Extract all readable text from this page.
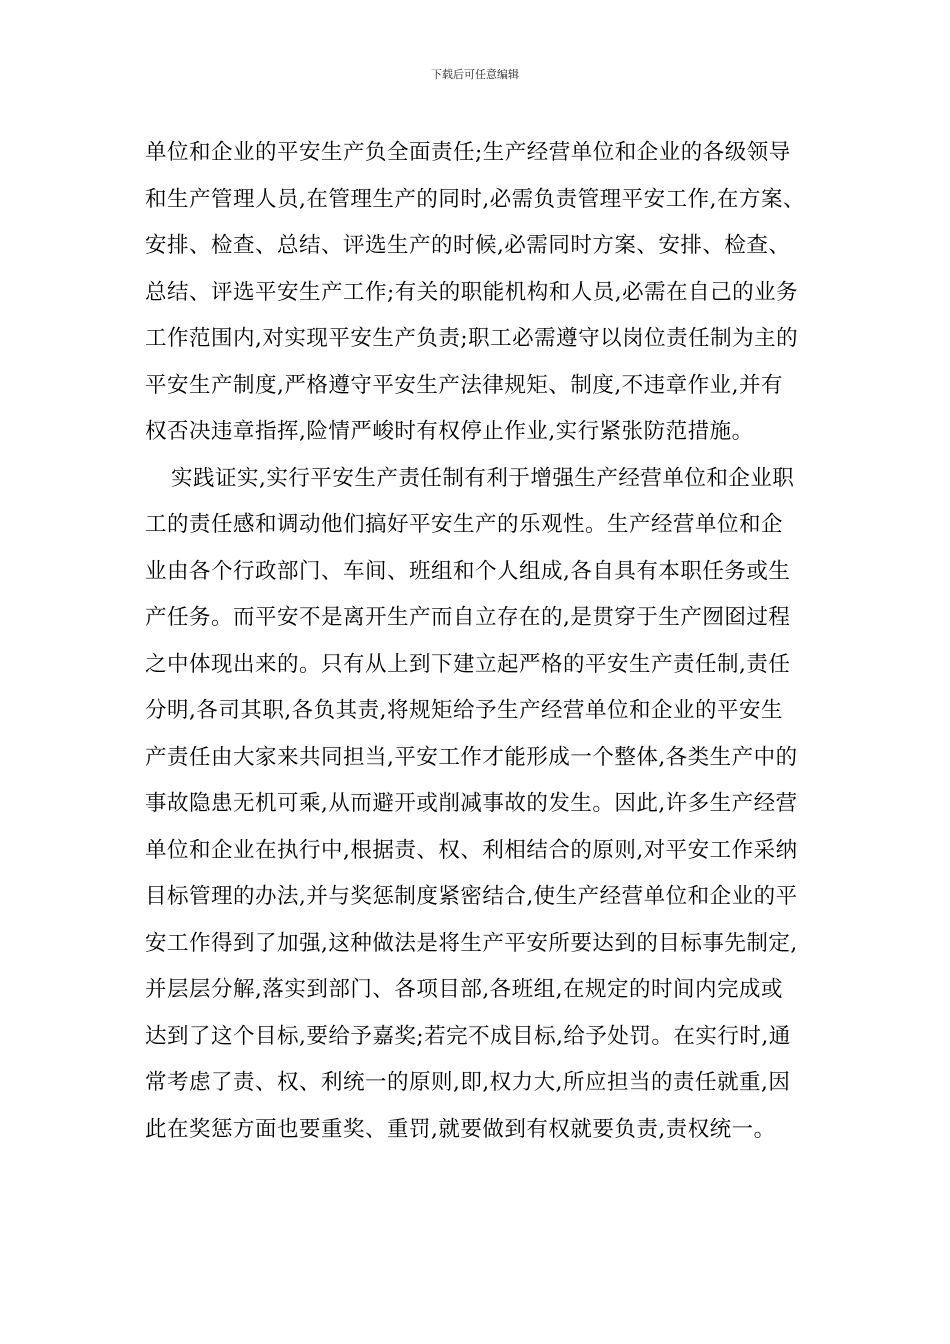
下载后可任意编辑
单位和企业的平安生产负全面责任;生产经营单位和企业的各级领导
和生产管理人员,在管理生产的同时,必需负责管理平安工作,在方案、
安排、检查、总结、评选生产的时候,必需同时方案、安排、检查、
总结、评选平安生产工作;有关的职能机构和人员,必需在自己的业务
工作范围内,对实现平安生产负责;职工必需遵守以岗位责任制为主的
平安生产制度,严格遵守平安生产法律规矩、制度,不违章作业,并有
权否决违章指挥,险情严峻时有权停止作业,实行紧张防范措施。
实践证实,实行平安生产责任制有利于增强生产经营单位和企业职
工的责任感和调动他们搞好平安生产的乐观性。生产经营单位和企
业由各个行政部门、车间、班组和个人组成,各自具有本职任务或生
产任务。而平安不是离开生产而自立存在的,是贯穿于生产囫囵过程
之中体现出来的。只有从上到下建立起严格的平安生产责任制,责任
分明,各司其职,各负其责,将规矩给予生产经营单位和企业的平安生
产责任由大家来共同担当,平安工作才能形成一个整体,各类生产中的
事故隐患无机可乘,从而避开或削减事故的发生。因此,许多生产经营
单位和企业在执行中,根据责、权、利相结合的原则,对平安工作采纳
目标管理的办法,并与奖惩制度紧密结合,使生产经营单位和企业的平
安工作得到了加强,这种做法是将生产平安所要达到的目标事先制定,
并层层分解,落实到部门、各项目部,各班组,在规定的时间内完成或
达到了这个目标,要给予嘉奖;若完不成目标,给予处罚。在实行时,通
常考虑了责、权、利统一的原则,即,权力大,所应担当的责任就重,因
此在奖惩方面也要重奖、重罚,就要做到有权就要负责,责权统一。
